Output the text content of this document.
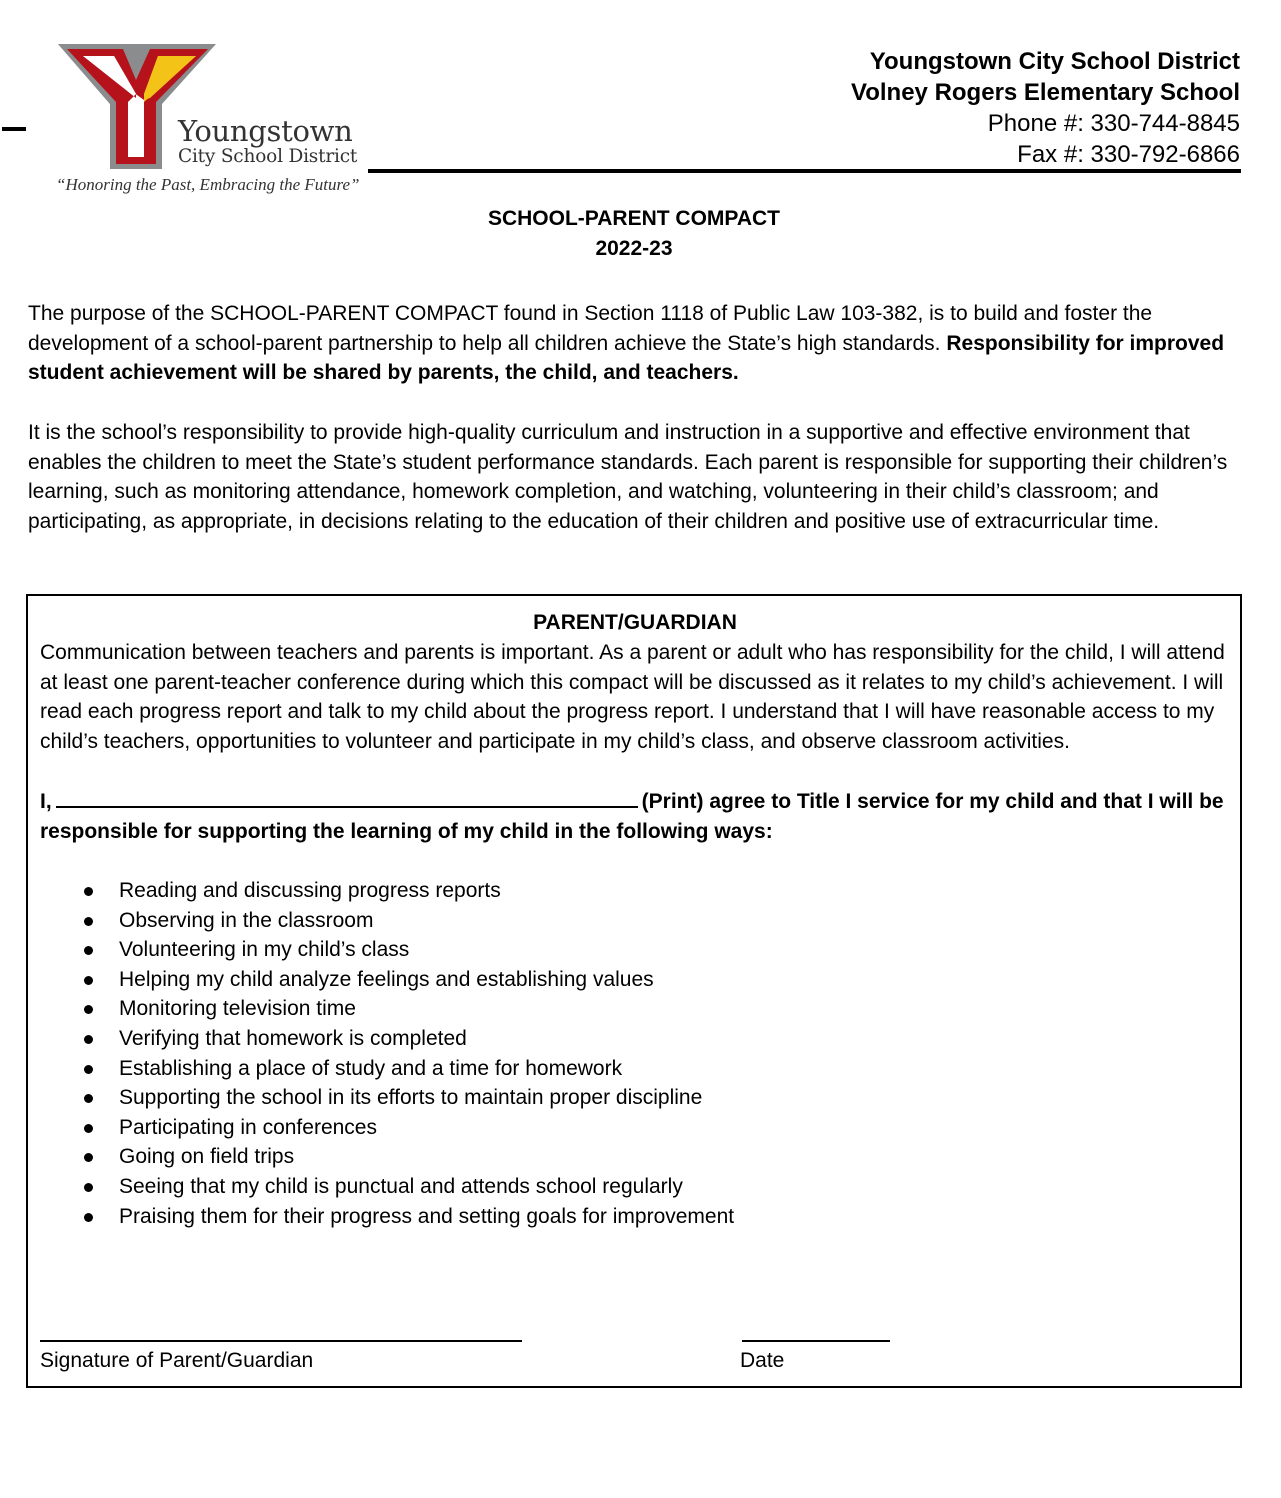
Youngstown
City School District
“Honoring the Past, Embracing the Future”
Youngstown City School District
Volney Rogers Elementary School
Phone #: 330-744-8845
Fax #: 330-792-6866
SCHOOL-PARENT COMPACT
2022-23

The purpose of the SCHOOL-PARENT COMPACT found in Section 1118 of Public Law 103-382, is to build and foster the development of a school-parent partnership to help all children achieve the State’s high standards. Responsibility for improved student achievement will be shared by parents, the child, and teachers.

It is the school’s responsibility to provide high-quality curriculum and instruction in a supportive and effective environment that enables the children to meet the State’s student performance standards. Each parent is responsible for supporting their children’s learning, such as monitoring attendance, homework completion, and watching, volunteering in their child’s classroom; and participating, as appropriate, in decisions relating to the education of their children and positive use of extracurricular time.

PARENT/GUARDIAN

Communication between teachers and parents is important. As a parent or adult who has responsibility for the child, I will attend at least one parent-teacher conference during which this compact will be discussed as it relates to my child’s achievement. I will read each progress report and talk to my child about the progress report. I understand that I will have reasonable access to my child’s teachers, opportunities to volunteer and participate in my child’s class, and observe classroom activities.

I,	(Print) agree to Title I service for my child and that I will be responsible for supporting the learning of my child in the following ways:

Reading and discussing progress reports
Observing in the classroom
Volunteering in my child’s class
Helping my child analyze feelings and establishing values
Monitoring television time
Verifying that homework is completed
Establishing a place of study and a time for homework
Supporting the school in its efforts to maintain proper discipline
Participating in conferences
Going on field trips
Seeing that my child is punctual and attends school regularly
Praising them for their progress and setting goals for improvement
Signature of Parent/Guardian	Date
